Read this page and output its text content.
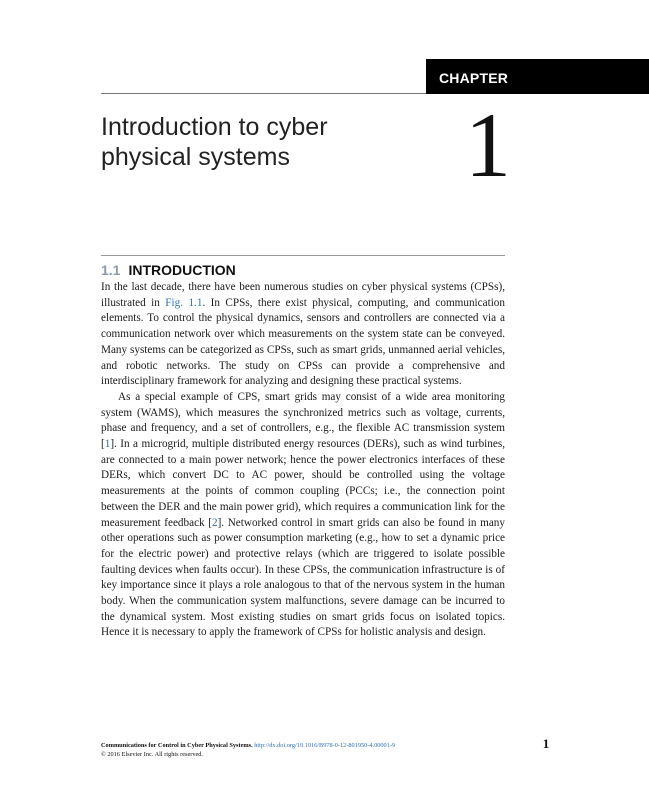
CHAPTER
Introduction to cyber
physical systems	1
1.1 INTRODUCTION

In the last decade, there have been numerous studies on cyber physical systems (CPSs), illustrated in Fig. 1.1. In CPSs, there exist physical, computing, and communication elements. To control the physical dynamics, sensors and controllers are connected via a communication network over which measurements on the system state can be conveyed. Many systems can be categorized as CPSs, such as smart grids, unmanned aerial vehicles, and robotic networks. The study on CPSs can provide a comprehensive and interdisciplinary framework for analyzing and designing these practical systems.

As a special example of CPS, smart grids may consist of a wide area monitoring system (WAMS), which measures the synchronized metrics such as voltage, currents, phase and frequency, and a set of controllers, e.g., the flexible AC transmission system [1]. In a microgrid, multiple distributed energy resources (DERs), such as wind turbines, are connected to a main power network; hence the power electronics interfaces of these DERs, which convert DC to AC power, should be controlled using the voltage measurements at the points of common coupling (PCCs; i.e., the connection point between the DER and the main power grid), which requires a communication link for the measurement feedback [2]. Networked control in smart grids can also be found in many other operations such as power consumption marketing (e.g., how to set a dynamic price for the electric power) and protective relays (which are triggered to isolate possible faulting devices when faults occur). In these CPSs, the communication infrastructure is of key importance since it plays a role analogous to that of the nervous system in the human body. When the communication system malfunctions, severe damage can be incurred to the dynamical system. Most existing studies on smart grids focus on isolated topics. Hence it is necessary to apply the framework of CPSs for holistic analysis and design.

Communications for Control in Cyber Physical Systems. http://dx.doi.org/10.1016/B978-0-12-801950-4.00001-9
© 2016 Elsevier Inc. All rights reserved.
1
